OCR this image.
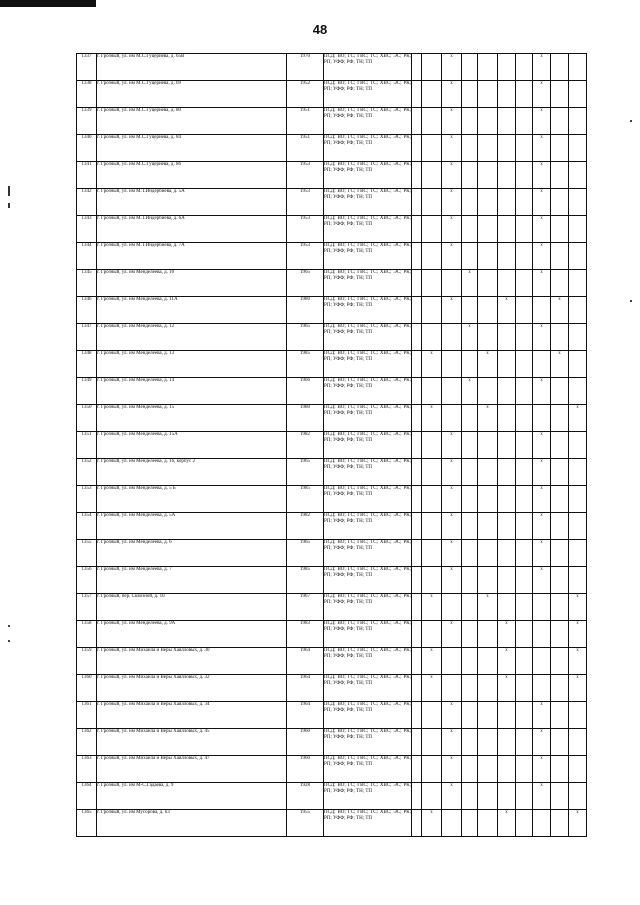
48
1337	г. Грозный, ул. им М.С.Гуцериева, д. 65В	1970	ПСД; ВО; ГС; ГВС; ТС; ХВС; ЭС; РК; РП; УФФ; РФ; ТН; ТП			x					x		
1338	г. Грозный, ул. им М.С.Гуцериева, д. 69	1952	ПСД; ВО; ГС; ГВС; ТС; ХВС; ЭС; РК; РП; УФФ; РФ; ТН; ТП			x					x		
1339	г. Грозный, ул. им М.С.Гуцериева, д. 80	1951	ПСД; ВО; ГС; ГВС; ТС; ХВС; ЭС; РК; РП; УФФ; РФ; ТН; ТП			x					x		
1340	г. Грозный, ул. им М.С.Гуцериева, д. 84	1951	ПСД; ВО; ГС; ГВС; ТС; ХВС; ЭС; РК; РП; УФФ; РФ; ТН; ТП			x					x		
1341	г. Грозный, ул. им М.С.Гуцериева, д. 86	1953	ПСД; ВО; ГС; ГВС; ТС; ХВС; ЭС; РК; РП; УФФ; РФ; ТН; ТП			x					x		
1342	г. Грозный, ул. им М.Т.Индербиева, д. 5А	1953	ПСД; ВО; ГС; ГВС; ТС; ХВС; ЭС; РК; РП; УФФ; РФ; ТН; ТП			x					x		
1343	г. Грозный, ул. им М.Т.Индербиева, д. 6А	1953	ПСД; ВО; ГС; ГВС; ТС; ХВС; ЭС; РК; РП; УФФ; РФ; ТН; ТП			x					x		
1344	г. Грозный, ул. им М.Т.Индербиева, д. 7А	1953	ПСД; ВО; ГС; ГВС; ТС; ХВС; ЭС; РК; РП; УФФ; РФ; ТН; ТП			x					x		
1345	г. Грозный, ул. им Менделеева, д. 10	1965	ПСД; ВО; ГС; ГВС; ТС; ХВС; ЭС; РК; РП; УФФ; РФ; ТН; ТП				x				x		
1346	г. Грозный, ул. им Менделеева, д. 11А	1980	ПСД; ВО; ГС; ГВС; ТС; ХВС; ЭС; РК; РП; УФФ; РФ; ТН; ТП			x			x			x	
1347	г. Грозный, ул. им Менделеева, д. 12	1965	ПСД; ВО; ГС; ГВС; ТС; ХВС; ЭС; РК; РП; УФФ; РФ; ТН; ТП				x				x		
1348	г. Грозный, ул. им Менделеева, д. 13	1985	ПСД; ВО; ГС; ГВС; ТС; ХВС; ЭС; РК; РП; УФФ; РФ; ТН; ТП		x			x				x	
1349	г. Грозный, ул. им Менделеева, д. 14	1966	ПСД; ВО; ГС; ГВС; ТС; ХВС; ЭС; РК; РП; УФФ; РФ; ТН; ТП				x				x		
1350	г. Грозный, ул. им Менделеева, д. 15	1980	ПСД; ВО; ГС; ГВС; ТС; ХВС; ЭС; РК; РП; УФФ; РФ; ТН; ТП		x			x					x
1351	г. Грозный, ул. им Менделеева, д. 15А	1982	ПСД; ВО; ГС; ГВС; ТС; ХВС; ЭС; РК; РП; УФФ; РФ; ТН; ТП			x					x		
1352	г. Грозный, ул. им Менделеева, д. 16, корпус 2	1965	ПСД; ВО; ГС; ГВС; ТС; ХВС; ЭС; РК; РП; УФФ; РФ; ТН; ТП			x					x		
1353	г. Грозный, ул. им Менделеева, д. 5 Б	1985	ПСД; ВО; ГС; ГВС; ТС; ХВС; ЭС; РК; РП; УФФ; РФ; ТН; ТП			x					x		
1354	г. Грозный, ул. им Менделеева, д. 5А	1982	ПСД; ВО; ГС; ГВС; ТС; ХВС; ЭС; РК; РП; УФФ; РФ; ТН; ТП			x					x		
1355	г. Грозный, ул. им Менделеева, д. 6	1965	ПСД; ВО; ГС; ГВС; ТС; ХВС; ЭС; РК; РП; УФФ; РФ; ТН; ТП			x					x		
1356	г. Грозный, ул. им Менделеева, д. 7	1985	ПСД; ВО; ГС; ГВС; ТС; ХВС; ЭС; РК; РП; УФФ; РФ; ТН; ТП			x					x		
1357	г. Грозный, пер. Сквозной, д. 10	1967	ПСД; ВО; ГС; ГВС; ТС; ХВС; ЭС; РК; РП; УФФ; РФ; ТН; ТП		x			x					x
1358	г. Грозный, ул. им Менделеева, д. 9А	1983	ПСД; ВО; ГС; ГВС; ТС; ХВС; ЭС; РК; РП; УФФ; РФ; ТН; ТП			x			x				x
1359	г. Грозный, ул. им Михаила и Веры Хаялловых, д. 30	1964	ПСД; ВО; ГС; ГВС; ТС; ХВС; ЭС; РК; РП; УФФ; РФ; ТН; ТП		x				x				x
1360	г. Грозный, ул. им Михаила и Веры Хаялловых, д. 32	1964	ПСД; ВО; ГС; ГВС; ТС; ХВС; ЭС; РК; РП; УФФ; РФ; ТН; ТП		x				x				x
1361	г. Грозный, ул. им Михаила и Веры Хаялловых, д. 34	1964	ПСД; ВО; ГС; ГВС; ТС; ХВС; ЭС; РК; РП; УФФ; РФ; ТН; ТП			x					x		
1362	г. Грозный, ул. им Михаила и Веры Хаялловых, д. 45	1960	ПСД; ВО; ГС; ГВС; ТС; ХВС; ЭС; РК; РП; УФФ; РФ; ТН; ТП			x					x		
1363	г. Грозный, ул. им Михаила и Веры Хаялловых, д. 47	1960	ПСД; ВО; ГС; ГВС; ТС; ХВС; ЭС; РК; РП; УФФ; РФ; ТН; ТП			x					x		
1364	г. Грозный, ул. им М-С.Гадаева, д. 9	1928	ПСД; ВО; ГС; ГВС; ТС; ХВС; ЭС; РК; РП; УФФ; РФ; ТН; ТП			x					x		
1365	г. Грозный, ул. им Мусорова, д. 63	1955	ПСД; ВО; ГС; ГВС; ТС; ХВС; ЭС; РК; РП; УФФ; РФ; ТН; ТП		x				x				x
